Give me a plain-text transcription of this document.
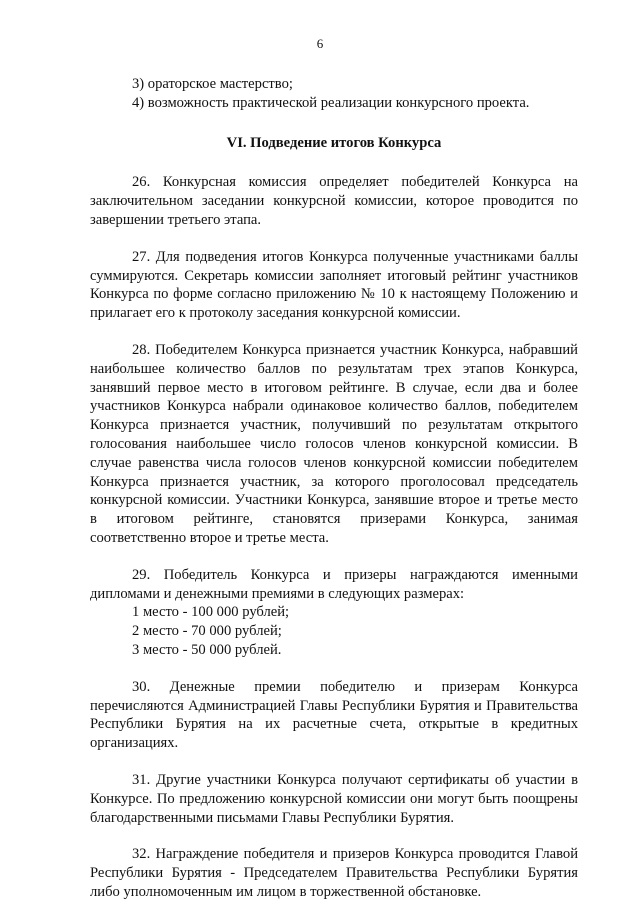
6

3) ораторское мастерство;

4) возможность практической реализации конкурсного проекта.

VI. Подведение итогов Конкурса

26. Конкурсная комиссия определяет победителей Конкурса на заключительном заседании конкурсной комиссии, которое проводится по завершении третьего этапа.

27. Для подведения итогов Конкурса полученные участниками баллы суммируются. Секретарь комиссии заполняет итоговый рейтинг участников Конкурса по форме согласно приложению № 10 к настоящему Положению и прилагает его к протоколу заседания конкурсной комиссии.

28. Победителем Конкурса признается участник Конкурса, набравший наибольшее количество баллов по результатам трех этапов Конкурса, занявший первое место в итоговом рейтинге. В случае, если два и более участников Конкурса набрали одинаковое количество баллов, победителем Конкурса признается участник, получивший по результатам открытого голосования наибольшее число голосов членов конкурсной комиссии. В случае равенства числа голосов членов конкурсной комиссии победителем Конкурса признается участник, за которого проголосовал председатель конкурсной комиссии. Участники Конкурса, занявшие второе и третье место в итоговом рейтинге, становятся призерами Конкурса, занимая соответственно второе и третье места.

29. Победитель Конкурса и призеры награждаются именными дипломами и денежными премиями в следующих размерах:

1 место - 100 000 рублей;

2 место - 70 000 рублей;

3 место - 50 000 рублей.

30. Денежные премии победителю и призерам Конкурса перечисляются Администрацией Главы Республики Бурятия и Правительства Республики Бурятия на их расчетные счета, открытые в кредитных организациях.

31. Другие участники Конкурса получают сертификаты об участии в Конкурсе. По предложению конкурсной комиссии они могут быть поощрены благодарственными письмами Главы Республики Бурятия.

32. Награждение победителя и призеров Конкурса проводится Главой Республики Бурятия - Председателем Правительства Республики Бурятия либо уполномоченным им лицом в торжественной обстановке.
